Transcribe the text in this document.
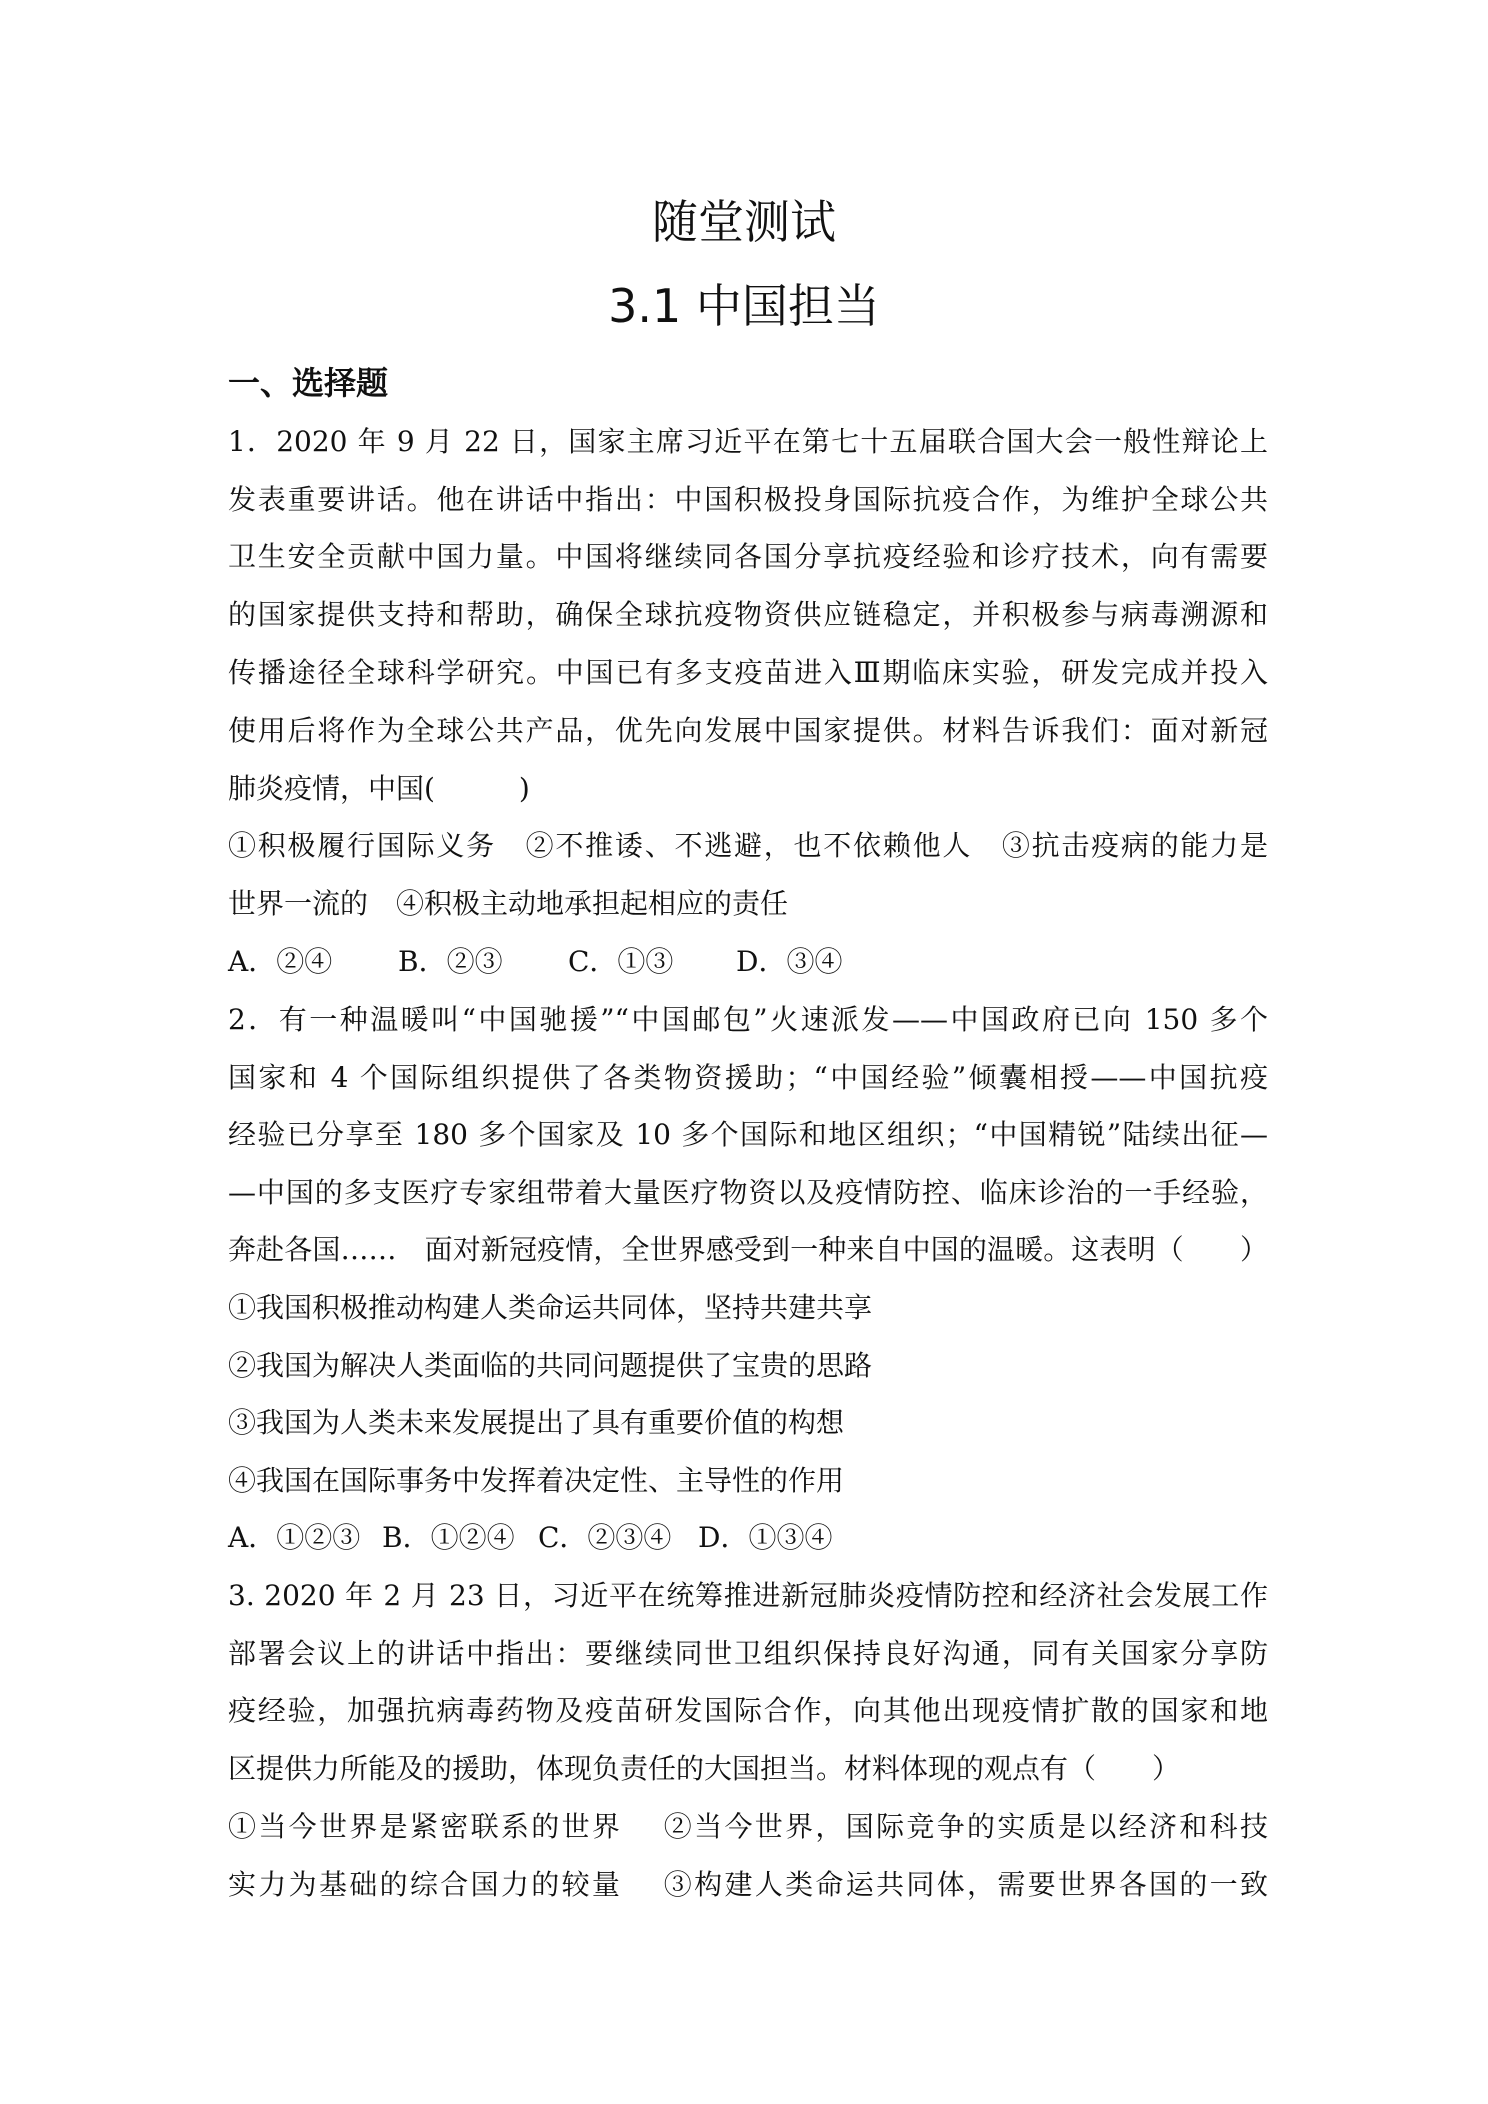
随堂测试
3.1 中国担当
一、选择题
1．2020 年 9 月 22 日，国家主席习近平在第七十五届联合国大会一般性辩论上
发表重要讲话。他在讲话中指出：中国积极投身国际抗疫合作，为维护全球公共
卫生安全贡献中国力量。中国将继续同各国分享抗疫经验和诊疗技术，向有需要
的国家提供支持和帮助，确保全球抗疫物资供应链稳定，并积极参与病毒溯源和
传播途径全球科学研究。中国已有多支疫苗进入Ⅲ期临床实验，研发完成并投入
使用后将作为全球公共产品，优先向发展中国家提供。材料告诉我们：面对新冠
肺炎疫情，中国(　　　)
①积极履行国际义务　②不推诿、不逃避，也不依赖他人　③抗击疫病的能力是
世界一流的　④积极主动地承担起相应的责任
A．②④	B．②③	C．①③	D．③④
2．有一种温暖叫“中国驰援”“中国邮包”火速派发——中国政府已向 150 多个
国家和 4 个国际组织提供了各类物资援助；“中国经验”倾囊相授——中国抗疫
经验已分享至 180 多个国家及 10 多个国际和地区组织；“中国精锐”陆续出征—
—中国的多支医疗专家组带着大量医疗物资以及疫情防控、临床诊治的一手经验，
奔赴各国……　面对新冠疫情，全世界感受到一种来自中国的温暖。这表明（　　）
①我国积极推动构建人类命运共同体，坚持共建共享
②我国为解决人类面临的共同问题提供了宝贵的思路
③我国为人类未来发展提出了具有重要价值的构想
④我国在国际事务中发挥着决定性、主导性的作用
A．①②③ B．①②④ C．②③④ D．①③④
3. 2020 年 2 月 23 日，习近平在统筹推进新冠肺炎疫情防控和经济社会发展工作
部署会议上的讲话中指出：要继续同世卫组织保持良好沟通，同有关国家分享防
疫经验，加强抗病毒药物及疫苗研发国际合作，向其他出现疫情扩散的国家和地
区提供力所能及的援助，体现负责任的大国担当。材料体现的观点有（　　）
①当今世界是紧密联系的世界　 ②当今世界，国际竞争的实质是以经济和科技
实力为基础的综合国力的较量　 ③构建人类命运共同体，需要世界各国的一致
